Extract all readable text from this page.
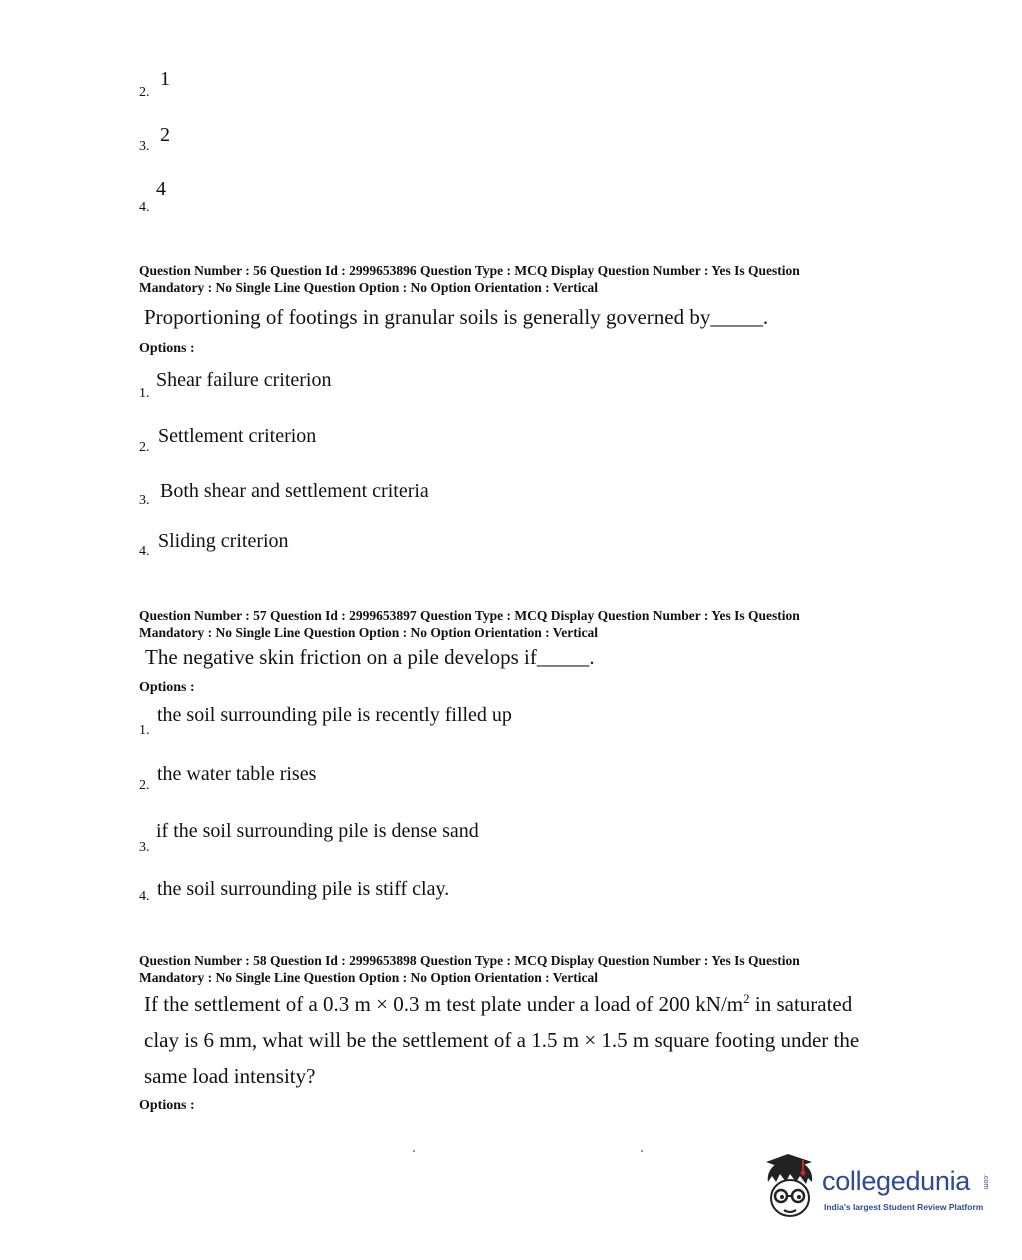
2.
1
3.
2
4.
4
Question Number : 56 Question Id : 2999653896 Question Type : MCQ Display Question Number : Yes Is Question
Mandatory : No Single Line Question Option : No Option Orientation : Vertical
Proportioning of footings in granular soils is generally governed by_____.
Options :
1.
Shear failure criterion
2.
Settlement criterion
3. Both shear and settlement criteria
4. Sliding criterion
Question Number : 57 Question Id : 2999653897 Question Type : MCQ Display Question Number : Yes Is Question
Mandatory : No Single Line Question Option : No Option Orientation : Vertical
The negative skin friction on a pile develops if_____.
Options :
1.
the soil surrounding pile is recently filled up
2.
the water table rises
3.
if the soil surrounding pile is dense sand
4. the soil surrounding pile is stiff clay.
Question Number : 58 Question Id : 2999653898 Question Type : MCQ Display Question Number : Yes Is Question
Mandatory : No Single Line Question Option : No Option Orientation : Vertical
If the settlement of a 0.3 m × 0.3 m test plate under a load of 200 $kN/m^2$ in saturated
clay is 6 mm, what will be the settlement of a 1.5 m × 1.5 m square footing under the
same load intensity?
Options :
collegedunia .com
India's largest Student Review Platform
